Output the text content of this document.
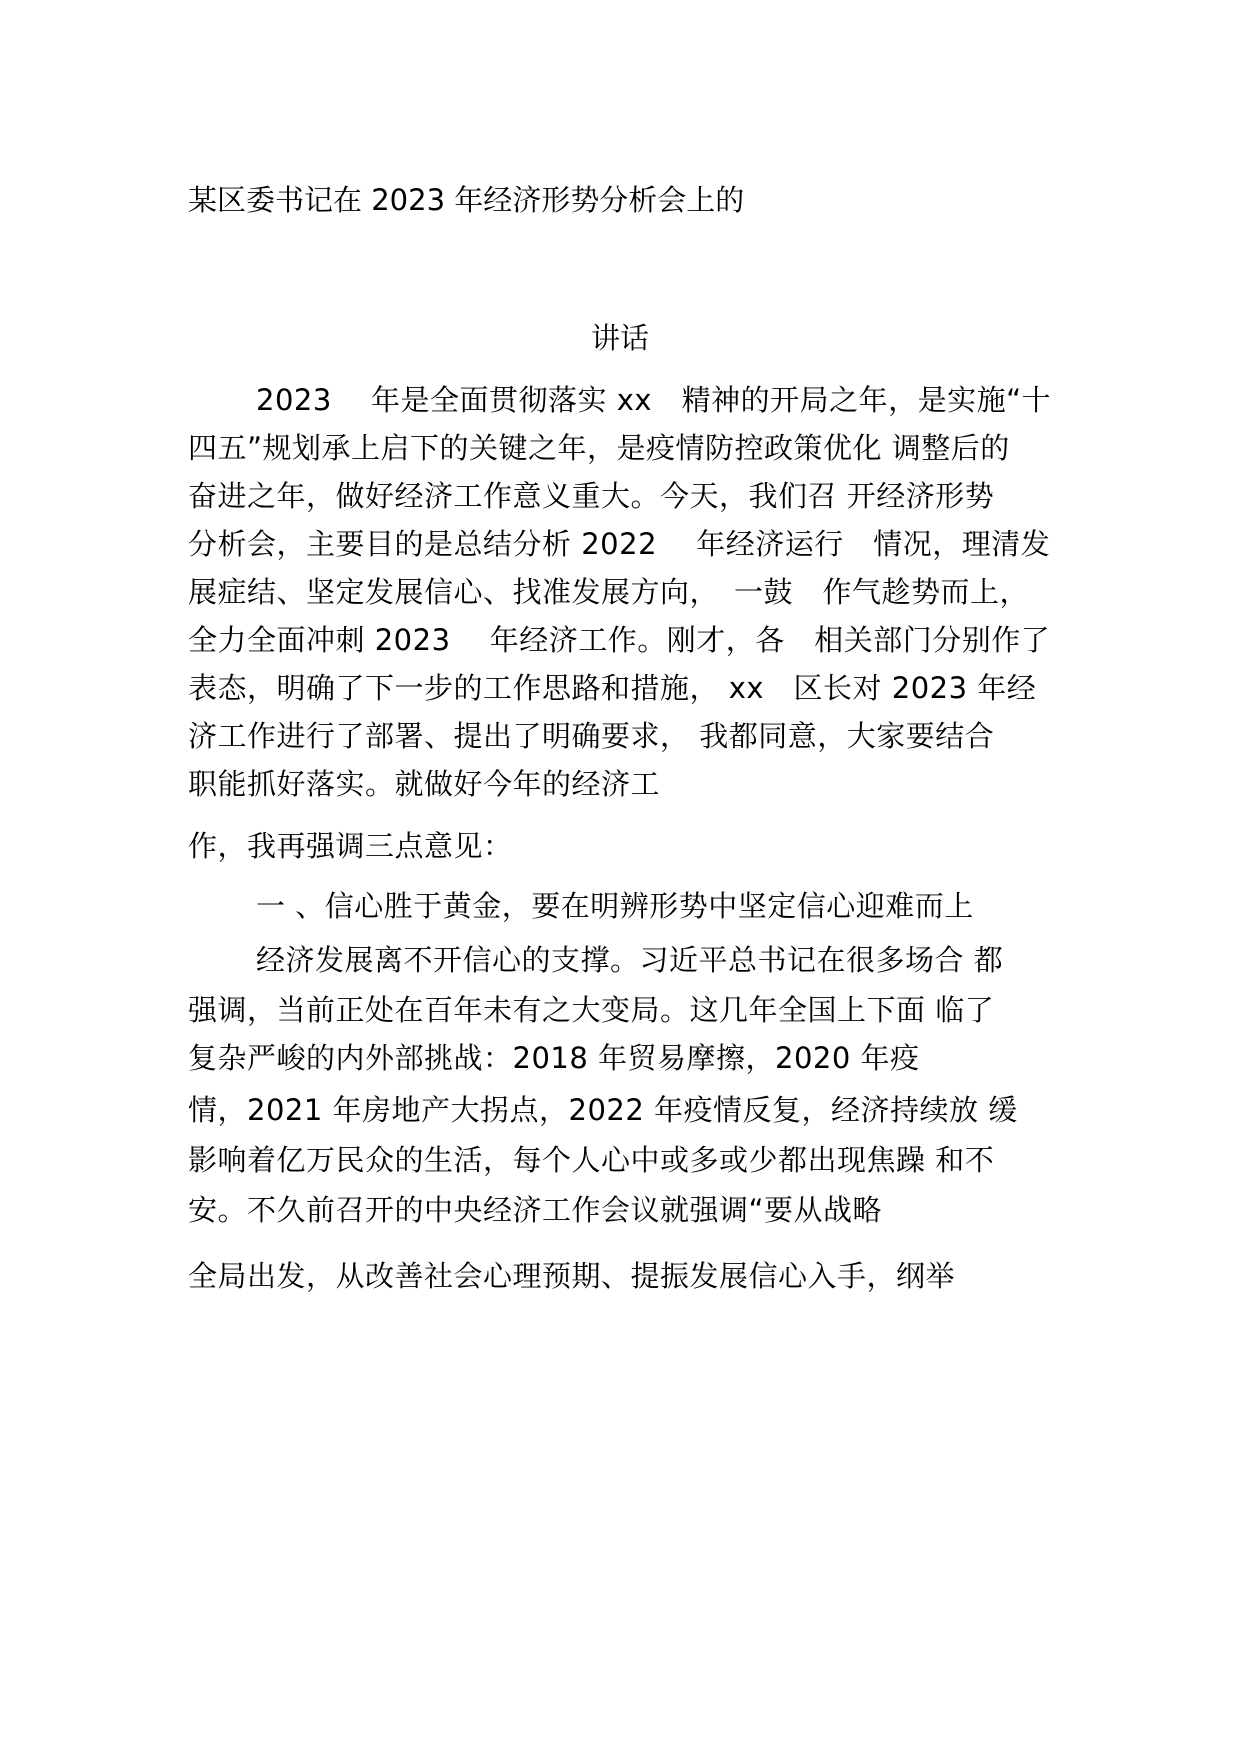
某区委书记在 2023 年经济形势分析会上的
讲话
2023　 年是全面贯彻落实 xx　精神的开局之年，是实施“十
四五”规划承上启下的关键之年，是疫情防控政策优化 调整后的
奋进之年，做好经济工作意义重大。今天，我们召 开经济形势
分析会，主要目的是总结分析 2022　 年经济运行　情况，理清发
展症结、坚定发展信心、找准发展方向，　一鼓　作气趁势而上，
全力全面冲刺 2023　 年经济工作。刚才，各　相关部门分别作了
表态，明确了下一步的工作思路和措施， xx　区长对 2023 年经
济工作进行了部署、提出了明确要求， 我都同意，大家要结合
职能抓好落实。就做好今年的经济工
作，我再强调三点意见：
一 、信心胜于黄金，要在明辨形势中坚定信心迎难而上
经济发展离不开信心的支撑。习近平总书记在很多场合 都
强调，当前正处在百年未有之大变局。这几年全国上下面 临了
复杂严峻的内外部挑战：2018 年贸易摩擦，2020 年疫
情，2021 年房地产大拐点，2022 年疫情反复，经济持续放 缓
影响着亿万民众的生活，每个人心中或多或少都出现焦躁 和不
安。不久前召开的中央经济工作会议就强调“要从战略
全局出发，从改善社会心理预期、提振发展信心入手，纲举
